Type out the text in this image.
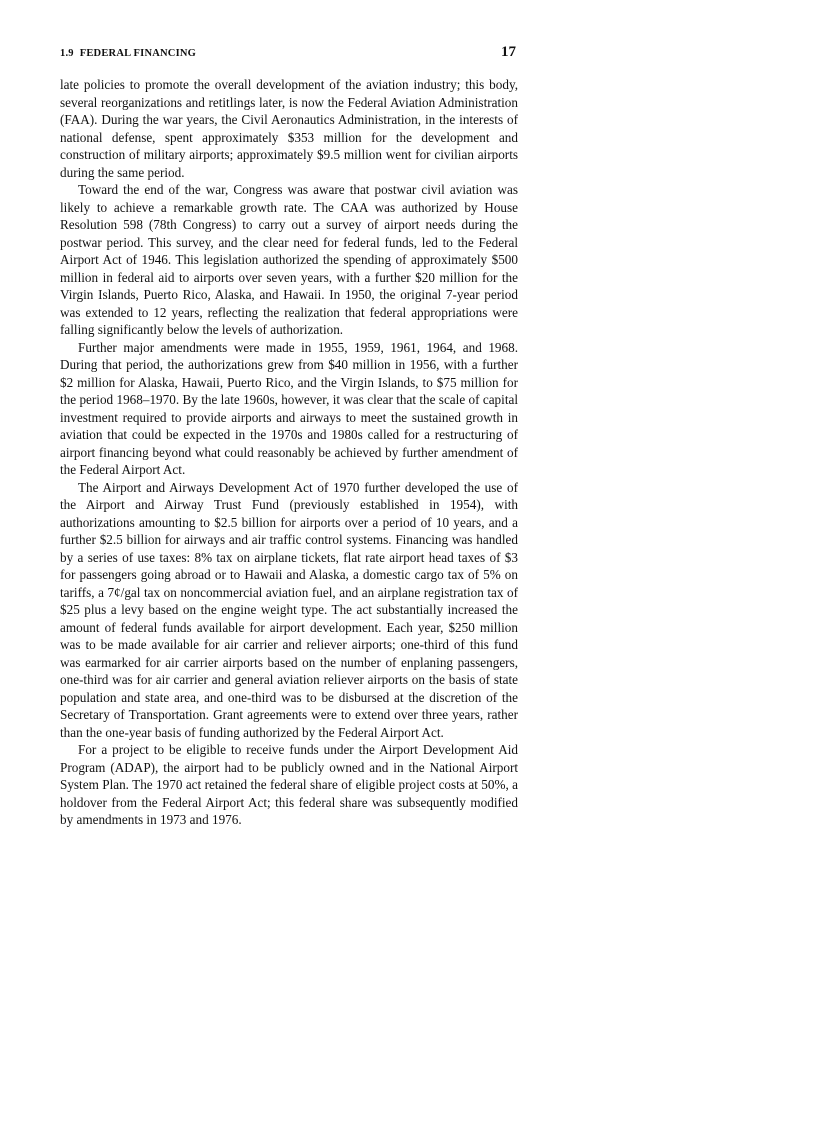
1.9 FEDERAL FINANCING	17

late policies to promote the overall development of the aviation industry; this body, several reorganizations and retitlings later, is now the Federal Aviation Administration (FAA). During the war years, the Civil Aeronautics Administration, in the interests of national defense, spent approximately $353 million for the development and construction of military airports; approximately $9.5 million went for civilian airports during the same period.

Toward the end of the war, Congress was aware that postwar civil aviation was likely to achieve a remarkable growth rate. The CAA was authorized by House Resolution 598 (78th Congress) to carry out a survey of airport needs during the postwar period. This survey, and the clear need for federal funds, led to the Federal Airport Act of 1946. This legislation authorized the spending of approximately $500 million in federal aid to airports over seven years, with a further $20 million for the Virgin Islands, Puerto Rico, Alaska, and Hawaii. In 1950, the original 7-year period was extended to 12 years, reflecting the realization that federal appropriations were falling significantly below the levels of authorization.

Further major amendments were made in 1955, 1959, 1961, 1964, and 1968. During that period, the authorizations grew from $40 million in 1956, with a further $2 million for Alaska, Hawaii, Puerto Rico, and the Virgin Islands, to $75 million for the period 1968–1970. By the late 1960s, however, it was clear that the scale of capital investment required to provide airports and airways to meet the sustained growth in aviation that could be expected in the 1970s and 1980s called for a restructuring of airport financing beyond what could reasonably be achieved by further amendment of the Federal Airport Act.

The Airport and Airways Development Act of 1970 further developed the use of the Airport and Airway Trust Fund (previously established in 1954), with authorizations amounting to $2.5 billion for airports over a period of 10 years, and a further $2.5 billion for airways and air traffic control systems. Financing was handled by a series of use taxes: 8% tax on airplane tickets, flat rate airport head taxes of $3 for passengers going abroad or to Hawaii and Alaska, a domestic cargo tax of 5% on tariffs, a 7¢/gal tax on noncommercial aviation fuel, and an airplane registration tax of $25 plus a levy based on the engine weight type. The act substantially increased the amount of federal funds available for airport development. Each year, $250 million was to be made available for air carrier and reliever airports; one-third of this fund was earmarked for air carrier airports based on the number of enplaning passengers, one-third was for air carrier and general aviation reliever airports on the basis of state population and state area, and one-third was to be disbursed at the discretion of the Secretary of Transportation. Grant agreements were to extend over three years, rather than the one-year basis of funding authorized by the Federal Airport Act.

For a project to be eligible to receive funds under the Airport Development Aid Program (ADAP), the airport had to be publicly owned and in the National Airport System Plan. The 1970 act retained the federal share of eligible project costs at 50%, a holdover from the Federal Airport Act; this federal share was subsequently modified by amendments in 1973 and 1976.
